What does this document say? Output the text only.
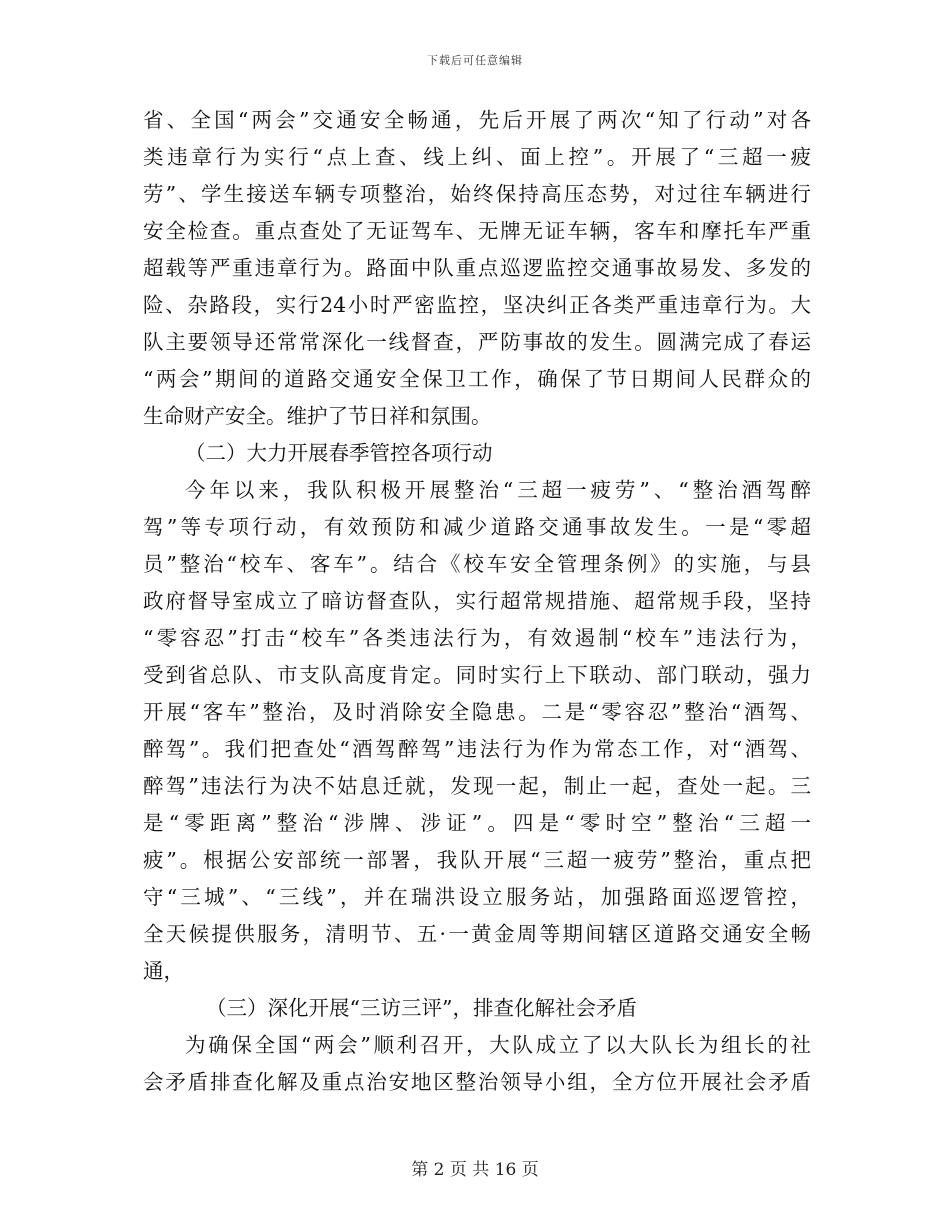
下载后可任意编辑
省、全国“两会”交通安全畅通，先后开展了两次“知了行动”对各
类违章行为实行“点上查、线上纠、面上控”。开展了“三超一疲
劳”、学生接送车辆专项整治，始终保持高压态势，对过往车辆进行
安全检查。重点查处了无证驾车、无牌无证车辆，客车和摩托车严重
超载等严重违章行为。路面中队重点巡逻监控交通事故易发、多发的
险、杂路段，实行24小时严密监控，坚决纠正各类严重违章行为。大
队主要领导还常常深化一线督查，严防事故的发生。圆满完成了春运
“两会”期间的道路交通安全保卫工作，确保了节日期间人民群众的
生命财产安全。维护了节日祥和氛围。
（二）大力开展春季管控各项行动
今年以来，我队积极开展整治“三超一疲劳”、“整治酒驾醉
驾”等专项行动，有效预防和减少道路交通事故发生。一是“零超
员”整治“校车、客车”。结合《校车安全管理条例》的实施，与县
政府督导室成立了暗访督查队，实行超常规措施、超常规手段，坚持
“零容忍”打击“校车”各类违法行为，有效遏制“校车”违法行为，
受到省总队、市支队高度肯定。同时实行上下联动、部门联动，强力
开展“客车”整治，及时消除安全隐患。二是“零容忍”整治“酒驾、
醉驾”。我们把查处“酒驾醉驾”违法行为作为常态工作，对“酒驾、
醉驾”违法行为决不姑息迁就，发现一起，制止一起，查处一起。三
是“零距离”整治“涉牌、涉证”。四是“零时空”整治“三超一
疲”。根据公安部统一部署，我队开展“三超一疲劳”整治，重点把
守“三城”、“三线”，并在瑞洪设立服务站，加强路面巡逻管控，
全天候提供服务，清明节、五·一黄金周等期间辖区道路交通安全畅
通，
（三）深化开展“三访三评”，排查化解社会矛盾
为确保全国“两会”顺利召开，大队成立了以大队长为组长的社
会矛盾排查化解及重点治安地区整治领导小组，全方位开展社会矛盾
第 2 页 共 16 页
